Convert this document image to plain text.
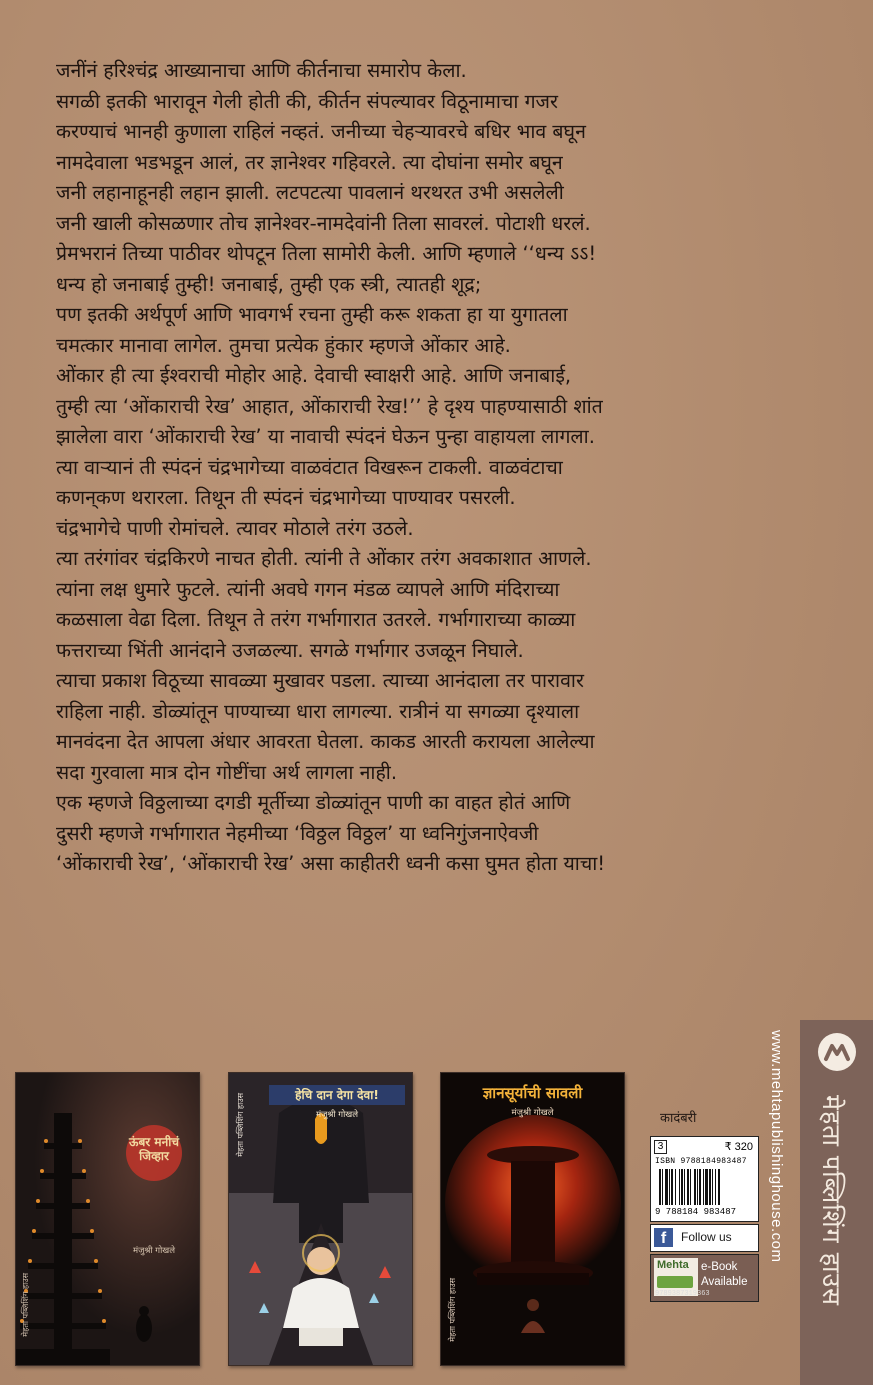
जनींनं हरिश्चंद्र आख्यानाचा आणि कीर्तनाचा समारोप केला.
सगळी इतकी भारावून गेली होती की, कीर्तन संपल्यावर विठूनामाचा गजर
करण्याचं भानही कुणाला राहिलं नव्हतं. जनीच्या चेहऱ्यावरचे बधिर भाव बघून
नामदेवाला भडभडून आलं, तर ज्ञानेश्वर गहिवरले. त्या दोघांना समोर बघून
जनी लहानाहूनही लहान झाली. लटपटत्या पावलानं थरथरत उभी असलेली
जनी खाली कोसळणार तोच ज्ञानेश्वर-नामदेवांनी तिला सावरलं. पोटाशी धरलं.
प्रेमभरानं तिच्या पाठीवर थोपटून तिला सामोरी केली. आणि म्हणाले ‘‘धन्य ऽऽ!
धन्य हो जनाबाई तुम्ही! जनाबाई, तुम्ही एक स्त्री, त्यातही शूद्र;
पण इतकी अर्थपूर्ण आणि भावगर्भ रचना तुम्ही करू शकता हा या युगातला
चमत्कार मानावा लागेल. तुमचा प्रत्येक हुंकार म्हणजे ओंकार आहे.
ओंकार ही त्या ईश्वराची मोहोर आहे. देवाची स्वाक्षरी आहे. आणि जनाबाई,
तुम्ही त्या ‘ओंकाराची रेख’ आहात, ओंकाराची रेख!’’ हे दृश्य पाहण्यासाठी शांत
झालेला वारा ‘ओंकाराची रेख’ या नावाची स्पंदनं घेऊन पुन्हा वाहायला लागला.
त्या वाऱ्यानं ती स्पंदनं चंद्रभागेच्या वाळवंटात विखरून टाकली. वाळवंटाचा
कणन्‌कण थरारला. तिथून ती स्पंदनं चंद्रभागेच्या पाण्यावर पसरली.
चंद्रभागेचे पाणी रोमांचले. त्यावर मोठाले तरंग उठले.
त्या तरंगांवर चंद्रकिरणे नाचत होती. त्यांनी ते ओंकार तरंग अवकाशात आणले.
त्यांना लक्ष धुमारे फुटले. त्यांनी अवघे गगन मंडळ व्यापले आणि मंदिराच्या
कळसाला वेढा दिला. तिथून ते तरंग गर्भागारात उतरले. गर्भागाराच्या काळ्या
फत्तराच्या भिंती आनंदाने उजळल्या. सगळे गर्भागार उजळून निघाले.
त्याचा प्रकाश विठूच्या सावळ्या मुखावर पडला. त्याच्या आनंदाला तर पारावार
राहिला नाही. डोळ्यांतून पाण्याच्या धारा लागल्या. रात्रीनं या सगळ्या दृश्याला
मानवंदना देत आपला अंधार आवरता घेतला. काकड आरती करायला आलेल्या
सदा गुरवाला मात्र दोन गोष्टींचा अर्थ लागला नाही.
एक म्हणजे विठ्ठलाच्या दगडी मूर्तीच्या डोळ्यांतून पाणी का वाहत होतं आणि
दुसरी म्हणजे गर्भागारात नेहमीच्या ‘विठ्ठल विठ्ठल’ या ध्वनिगुंजनाऐवजी
‘ओंकाराची रेख’, ‘ओंकाराची रेख’ असा काहीतरी ध्वनी कसा घुमत होता याचा!
ऊंबर मनीचं जिव्हार
मंजुश्री गोखले
मेहता पब्लिशिंग हाउस
हेचि दान देगा देवा!
मंजुश्री गोखले
मेहता पब्लिशिंग हाउस	ज्ञानसूर्याची सावली
मंजुश्री गोखले
मेहता पब्लिशिंग हाउस
कादंबरी
3	₹ 320
ISBN 9788184983487
9 788184 983487
f	Follow us
Mehta e-Book
Available
9789387319363
www.mehtapublishinghouse.com मेहता पब्लिशिंग हाउस
